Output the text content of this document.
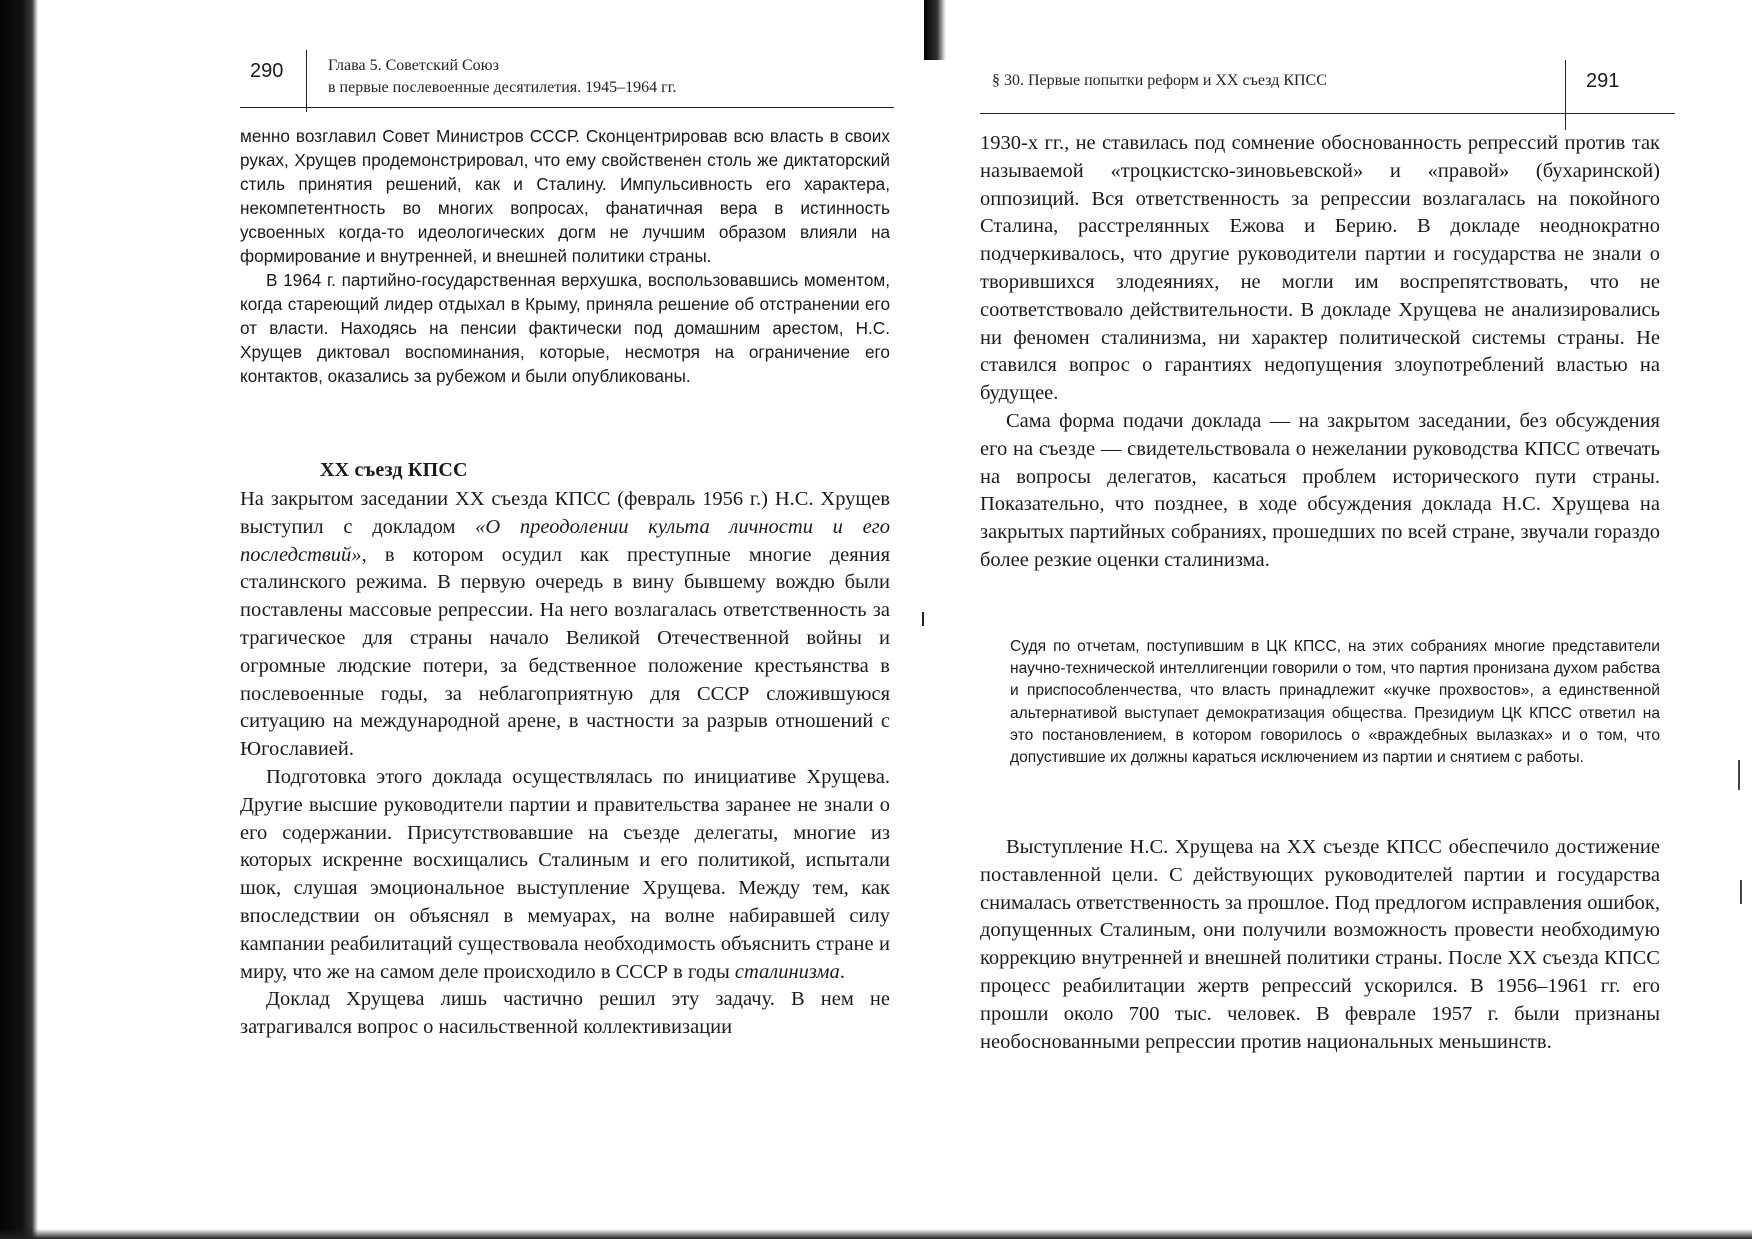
290	Глава 5. Советский Союз
в первые послевоенные десятилетия. 1945–1964 гг.

менно возглавил Совет Министров СССР. Сконцентрировав всю власть в своих руках, Хрущев продемонстрировал, что ему свойственен столь же диктаторский стиль принятия решений, как и Сталину. Импульсивность его характера, некомпетентность во многих вопросах, фанатичная вера в истинность усвоенных когда-то идеологических догм не лучшим образом влияли на формирование и внутренней, и внешней политики страны.

В 1964 г. партийно-государственная верхушка, воспользовавшись моментом, когда стареющий лидер отдыхал в Крыму, приняла решение об отстранении его от власти. Находясь на пенсии фактически под домашним арестом, Н.С. Хрущев диктовал воспоминания, которые, несмотря на ограничение его контактов, оказались за рубежом и были опубликованы.

XX съезд КПСС

На закрытом заседании XX съезда КПСС (февраль 1956 г.) Н.С. Хрущев выступил с докладом «О преодолении культа личности и его последствий», в котором осудил как преступные многие деяния сталинского режима. В первую очередь в вину бывшему вождю были поставлены массовые репрессии. На него возлагалась ответственность за трагическое для страны начало Великой Отечественной войны и огромные людские потери, за бедственное положение крестьянства в послевоенные годы, за неблагоприятную для СССР сложившуюся ситуацию на международной арене, в частности за разрыв отношений с Югославией.

Подготовка этого доклада осуществлялась по инициативе Хрущева. Другие высшие руководители партии и правительства заранее не знали о его содержании. Присутствовавшие на съезде делегаты, многие из которых искренне восхищались Сталиным и его политикой, испытали шок, слушая эмоциональное выступление Хрущева. Между тем, как впоследствии он объяснял в мемуарах, на волне набиравшей силу кампании реабилитаций существовала необходимость объяснить стране и миру, что же на самом деле происходило в СССР в годы сталинизма.

Доклад Хрущева лишь частично решил эту задачу. В нем не затрагивался вопрос о насильственной коллективизации

§ 30. Первые попытки реформ и XX съезд КПСС	291

1930-х гг., не ставилась под сомнение обоснованность репрессий против так называемой «троцкистско-зиновьевской» и «правой» (бухаринской) оппозиций. Вся ответственность за репрессии возлагалась на покойного Сталина, расстрелянных Ежова и Берию. В докладе неоднократно подчеркивалось, что другие руководители партии и государства не знали о творившихся злодеяниях, не могли им воспрепятствовать, что не соответствовало действительности. В докладе Хрущева не анализировались ни феномен сталинизма, ни характер политической системы страны. Не ставился вопрос о гарантиях недопущения злоупотреблений властью на будущее.

Сама форма подачи доклада — на закрытом заседании, без обсуждения его на съезде — свидетельствовала о нежелании руководства КПСС отвечать на вопросы делегатов, касаться проблем исторического пути страны. Показательно, что позднее, в ходе обсуждения доклада Н.С. Хрущева на закрытых партийных собраниях, прошедших по всей стране, звучали гораздо более резкие оценки сталинизма.

Судя по отчетам, поступившим в ЦК КПСС, на этих собраниях многие представители научно-технической интеллигенции говорили о том, что партия пронизана духом рабства и приспособленчества, что власть принадлежит «кучке прохвостов», а единственной альтернативой выступает демократизация общества. Президиум ЦК КПСС ответил на это постановлением, в котором говорилось о «враждебных вылазках» и о том, что допустившие их должны караться исключением из партии и снятием с работы.

Выступление Н.С. Хрущева на XX съезде КПСС обеспечило достижение поставленной цели. С действующих руководителей партии и государства снималась ответственность за прошлое. Под предлогом исправления ошибок, допущенных Сталиным, они получили возможность провести необходимую коррекцию внутренней и внешней политики страны. После XX съезда КПСС процесс реабилитации жертв репрессий ускорился. В 1956–1961 гг. его прошли около 700 тыс. человек. В феврале 1957 г. были признаны необоснованными репрессии против национальных меньшинств.
